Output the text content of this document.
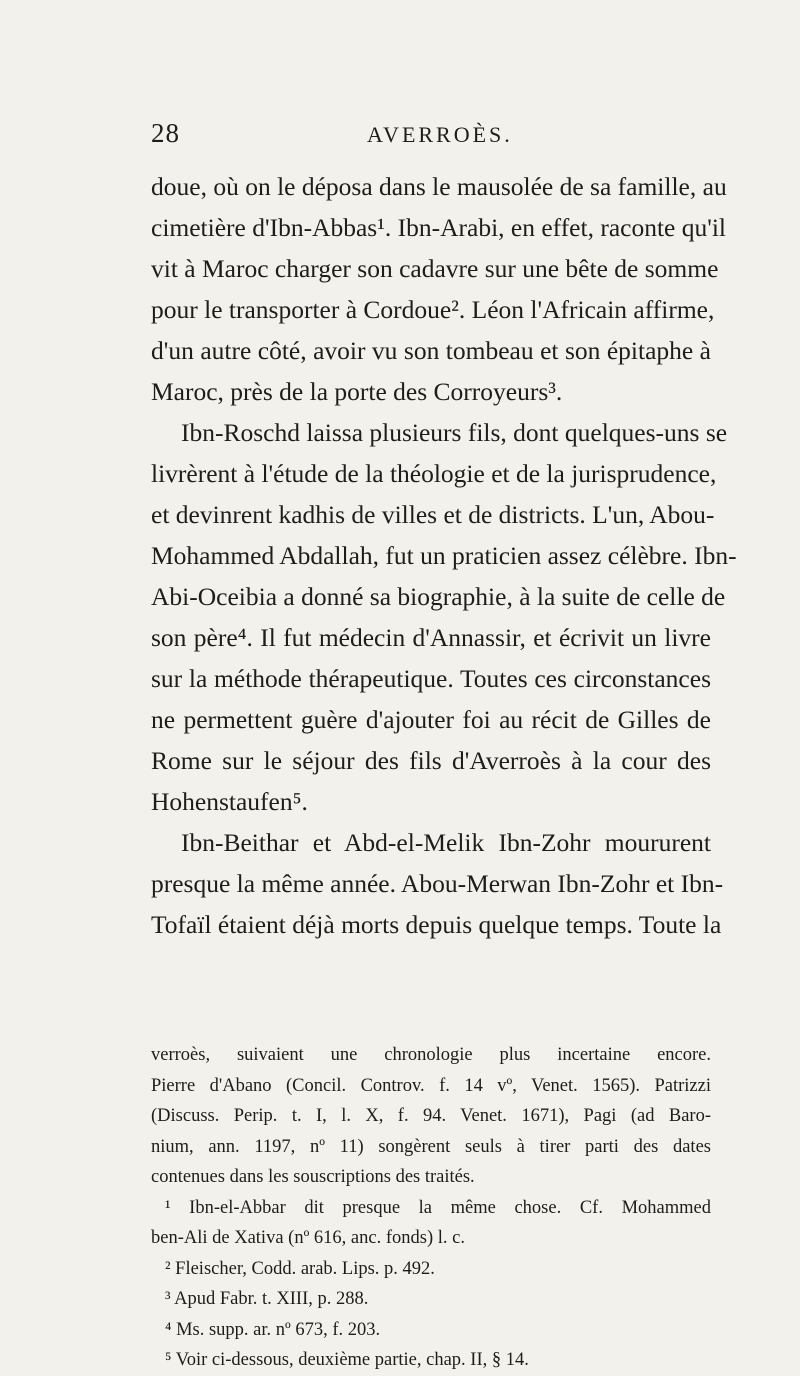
28	AVERROÈS.
doue, où on le déposa dans le mausolée de sa famille, au
cimetière d'Ibn-Abbas¹. Ibn-Arabi, en effet, raconte qu'il
vit à Maroc charger son cadavre sur une bête de somme
pour le transporter à Cordoue². Léon l'Africain affirme,
d'un autre côté, avoir vu son tombeau et son épitaphe à
Maroc, près de la porte des Corroyeurs³.
Ibn-Roschd laissa plusieurs fils, dont quelques-uns se
livrèrent à l'étude de la théologie et de la jurisprudence,
et devinrent kadhis de villes et de districts. L'un, Abou-
Mohammed Abdallah, fut un praticien assez célèbre. Ibn-
Abi-Oceibia a donné sa biographie, à la suite de celle de
son père⁴. Il fut médecin d'Annassir, et écrivit un livre
sur la méthode thérapeutique. Toutes ces circonstances
ne permettent guère d'ajouter foi au récit de Gilles de
Rome sur le séjour des fils d'Averroès à la cour des
Hohenstaufen⁵.
Ibn-Beithar et Abd-el-Melik Ibn-Zohr moururent
presque la même année. Abou-Merwan Ibn-Zohr et Ibn-
Tofaïl étaient déjà morts depuis quelque temps. Toute la
verroès, suivaient une chronologie plus incertaine encore.
Pierre d'Abano (Concil. Controv. f. 14 vº, Venet. 1565). Patrizzi
(Discuss. Perip. t. I, l. X, f. 94. Venet. 1671), Pagi (ad Baro-
nium, ann. 1197, nº 11) songèrent seuls à tirer parti des dates
contenues dans les souscriptions des traités.
¹ Ibn-el-Abbar dit presque la même chose. Cf. Mohammed
ben-Ali de Xativa (nº 616, anc. fonds) l. c.
² Fleischer, Codd. arab. Lips. p. 492.
³ Apud Fabr. t. XIII, p. 288.
⁴ Ms. supp. ar. nº 673, f. 203.
⁵ Voir ci-dessous, deuxième partie, chap. II, § 14.
